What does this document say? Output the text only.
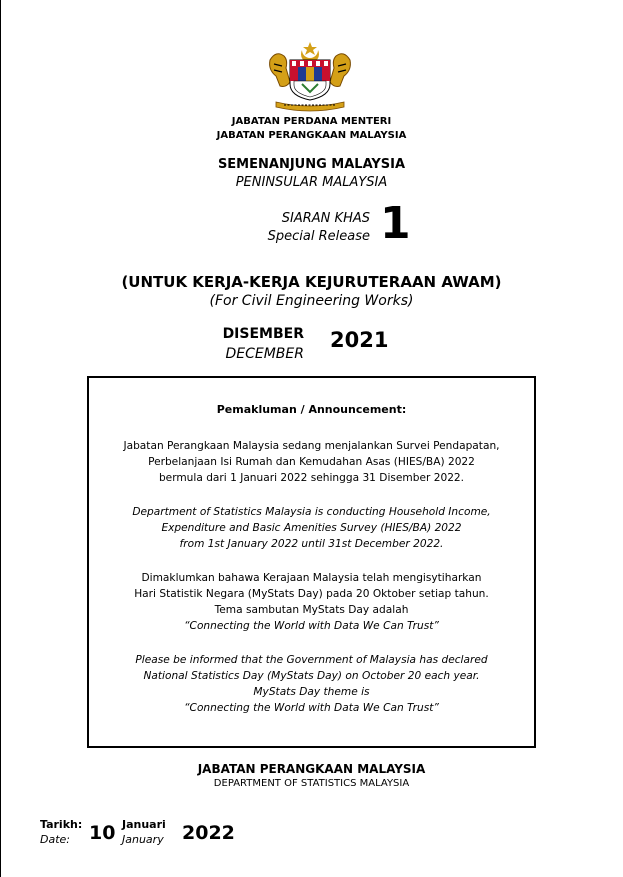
JABATAN PERDANA MENTERI
JABATAN PERANGKAAN MALAYSIA
SEMENANJUNG MALAYSIA
PENINSULAR MALAYSIA
SIARAN KHAS
Special Release 1
(UNTUK KERJA-KERJA KEJURUTERAAN AWAM)
(For Civil Engineering Works)
DISEMBER
DECEMBER
2021
Pemakluman / Announcement:
Jabatan Perangkaan Malaysia sedang menjalankan Survei Pendapatan,
Perbelanjaan Isi Rumah dan Kemudahan Asas (HIES/BA) 2022
bermula dari 1 Januari 2022 sehingga 31 Disember 2022.
Department of Statistics Malaysia is conducting Household Income,
Expenditure and Basic Amenities Survey (HIES/BA) 2022
from 1st January 2022 until 31st December 2022.
Dimaklumkan bahawa Kerajaan Malaysia telah mengisytiharkan
Hari Statistik Negara (MyStats Day) pada 20 Oktober setiap tahun.
Tema sambutan MyStats Day adalah
“Connecting the World with Data We Can Trust”
Please be informed that the Government of Malaysia has declared
National Statistics Day (MyStats Day) on October 20 each year.
MyStats Day theme is
“Connecting the World with Data We Can Trust”
JABATAN PERANGKAAN MALAYSIA
DEPARTMENT OF STATISTICS MALAYSIA
Tarikh:
Date: 10 Januari
January 2022
